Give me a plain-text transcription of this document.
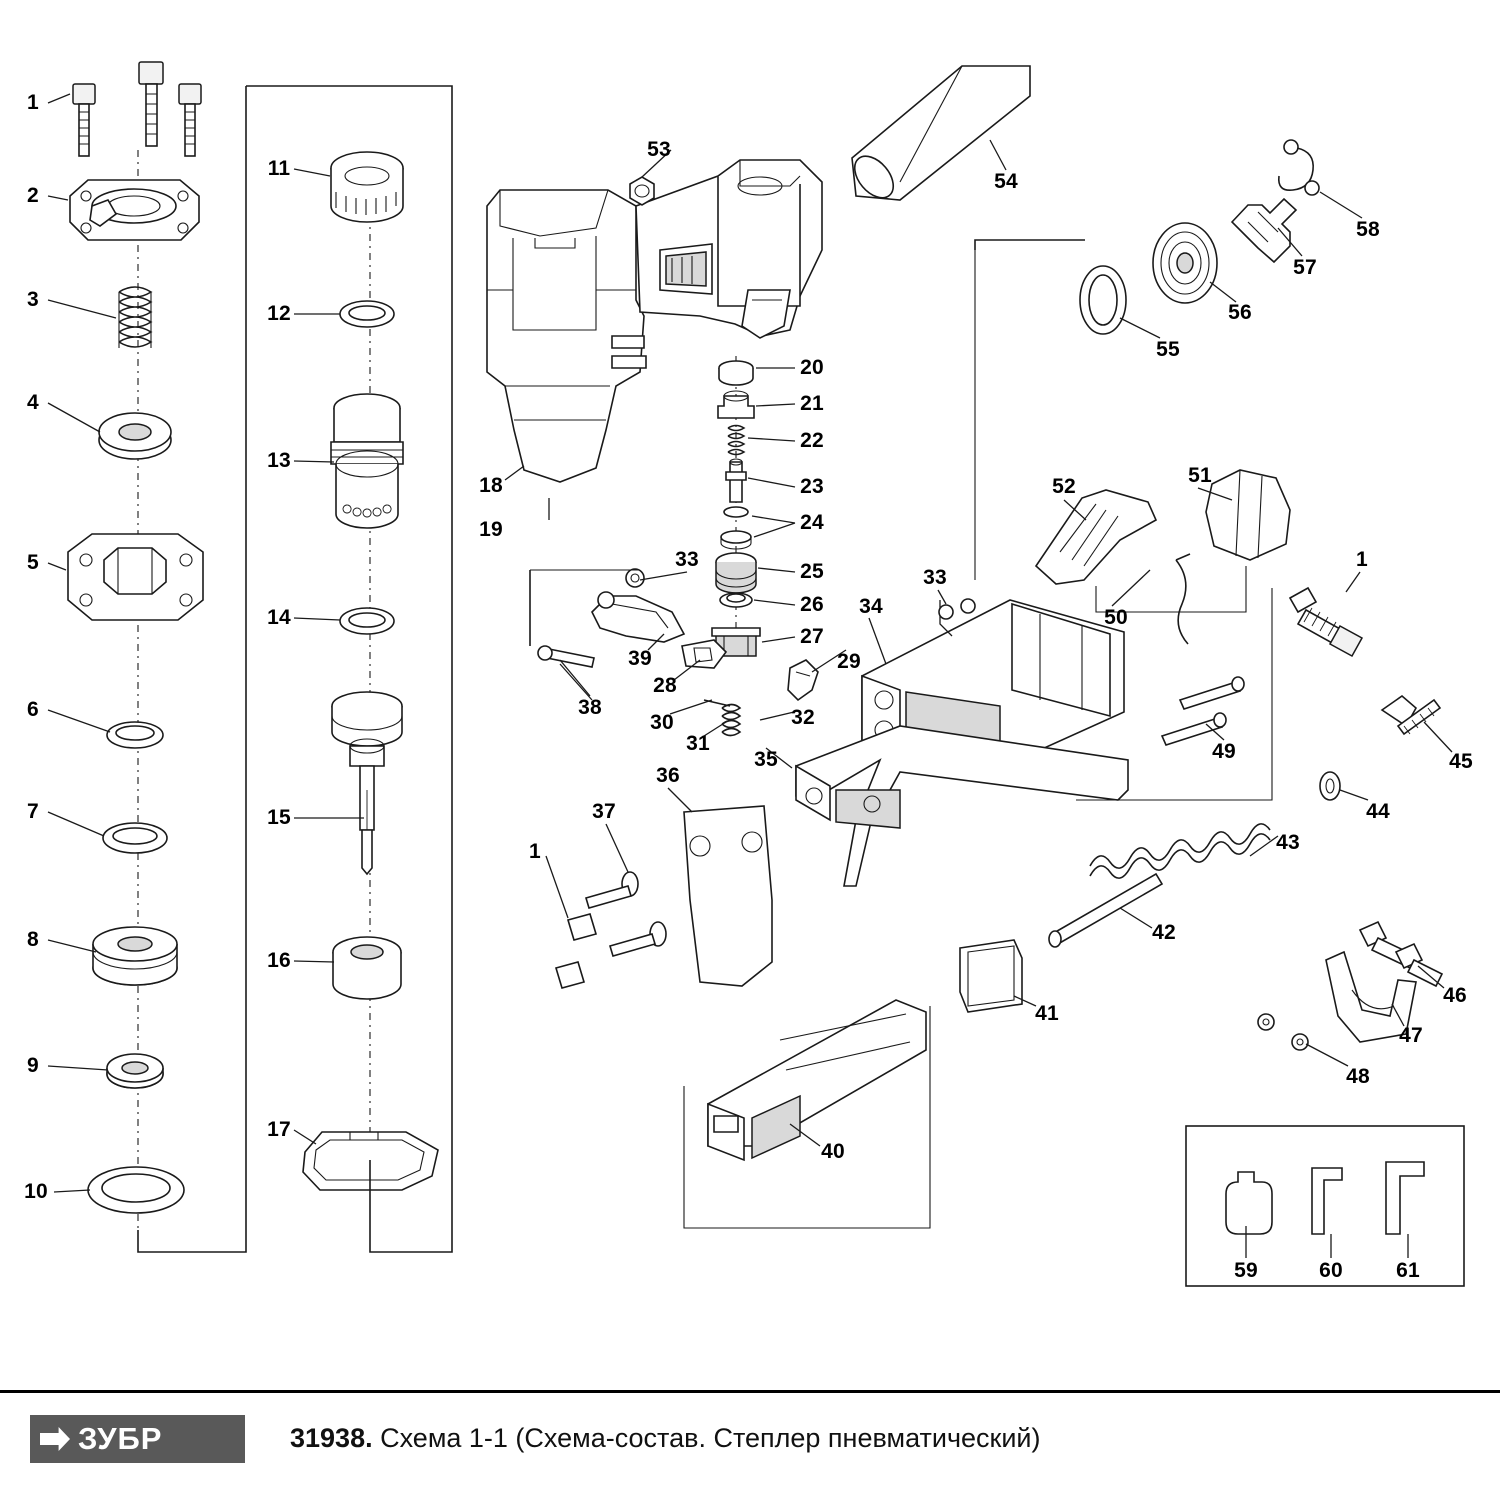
1
2
3
4
5
6
7
8
9
10
11
12
13
14
15
16
17
18
19
20
21
22
23
24
25
26
27
28
29
30
31
32
33
33
34
35
36
37
38
39
1
40
41
42
43
44
45
46
47
48
49
50
51
52
1
53
54
55
56
57
58
59	60	61
ЗУБР	31938. Схема 1-1 (Схема-состав. Степлер пневматический)
